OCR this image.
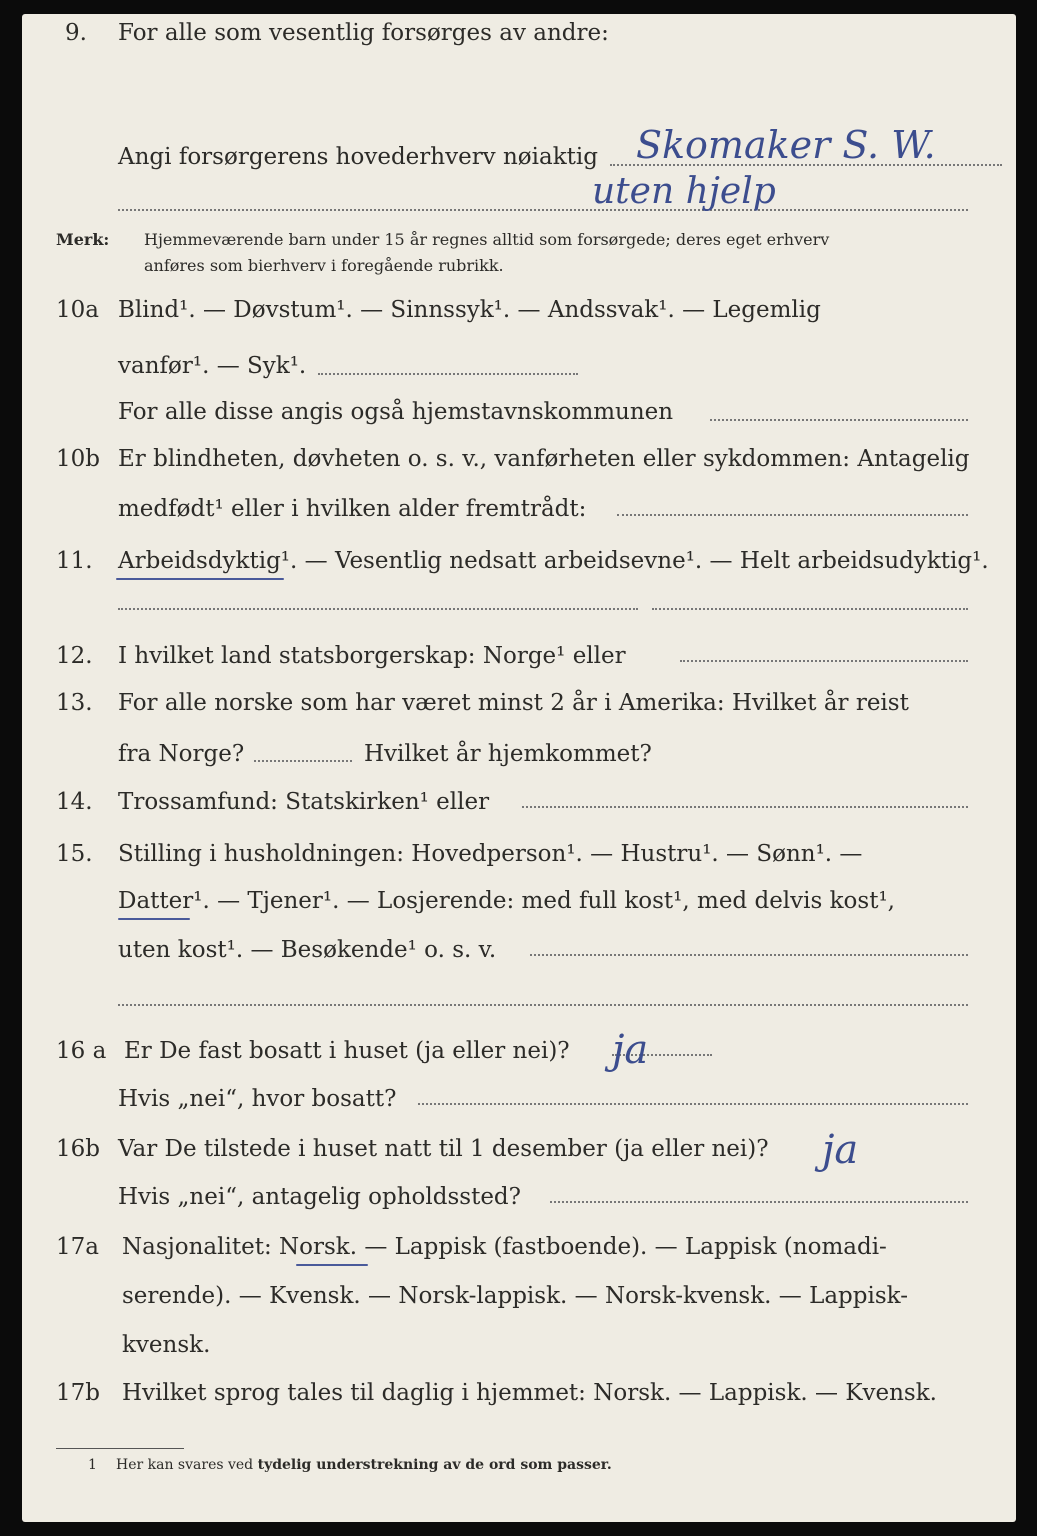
9. For alle som vesentlig forsørges av andre:
Angi forsørgerens hovederhverv nøiaktig Skomaker S. W.
uten hjelp
Merk: Hjemmeværende barn under 15 år regnes alltid som forsørgede; deres eget erhverv
anføres som bierhverv i foregående rubrikk.
10a Blind¹. — Døvstum¹. — Sinnssyk¹. — Andssvak¹. — Legemlig
vanfør¹. — Syk¹.
For alle disse angis også hjemstavnskommunen
10b Er blindheten, døvheten o. s. v., vanførheten eller sykdommen: Antagelig
medfødt¹ eller i hvilken alder fremtrådt:
11. Arbeidsdyktig¹. — Vesentlig nedsatt arbeidsevne¹. — Helt arbeidsudyktig¹.
12. I hvilket land statsborgerskap: Norge¹ eller
13. For alle norske som har været minst 2 år i Amerika: Hvilket år reist
fra Norge?	Hvilket år hjemkommet?
14. Trossamfund: Statskirken¹ eller
15. Stilling i husholdningen: Hovedperson¹. — Hustru¹. — Sønn¹. —
Datter¹. — Tjener¹. — Losjerende: med full kost¹, med delvis kost¹,
uten kost¹. — Besøkende¹ o. s. v.
16 a Er De fast bosatt i huset (ja eller nei)? ja
Hvis „nei“, hvor bosatt?
16b Var De tilstede i huset natt til 1 desember (ja eller nei)? ja
Hvis „nei“, antagelig opholdssted?
17a Nasjonalitet: Norsk. — Lappisk (fastboende). — Lappisk (nomadi-
serende). — Kvensk. — Norsk-lappisk. — Norsk-kvensk. — Lappisk-
kvensk.
17b Hvilket sprog tales til daglig i hjemmet: Norsk. — Lappisk. — Kvensk.
1 Her kan svares ved tydelig understrekning av de ord som passer.
